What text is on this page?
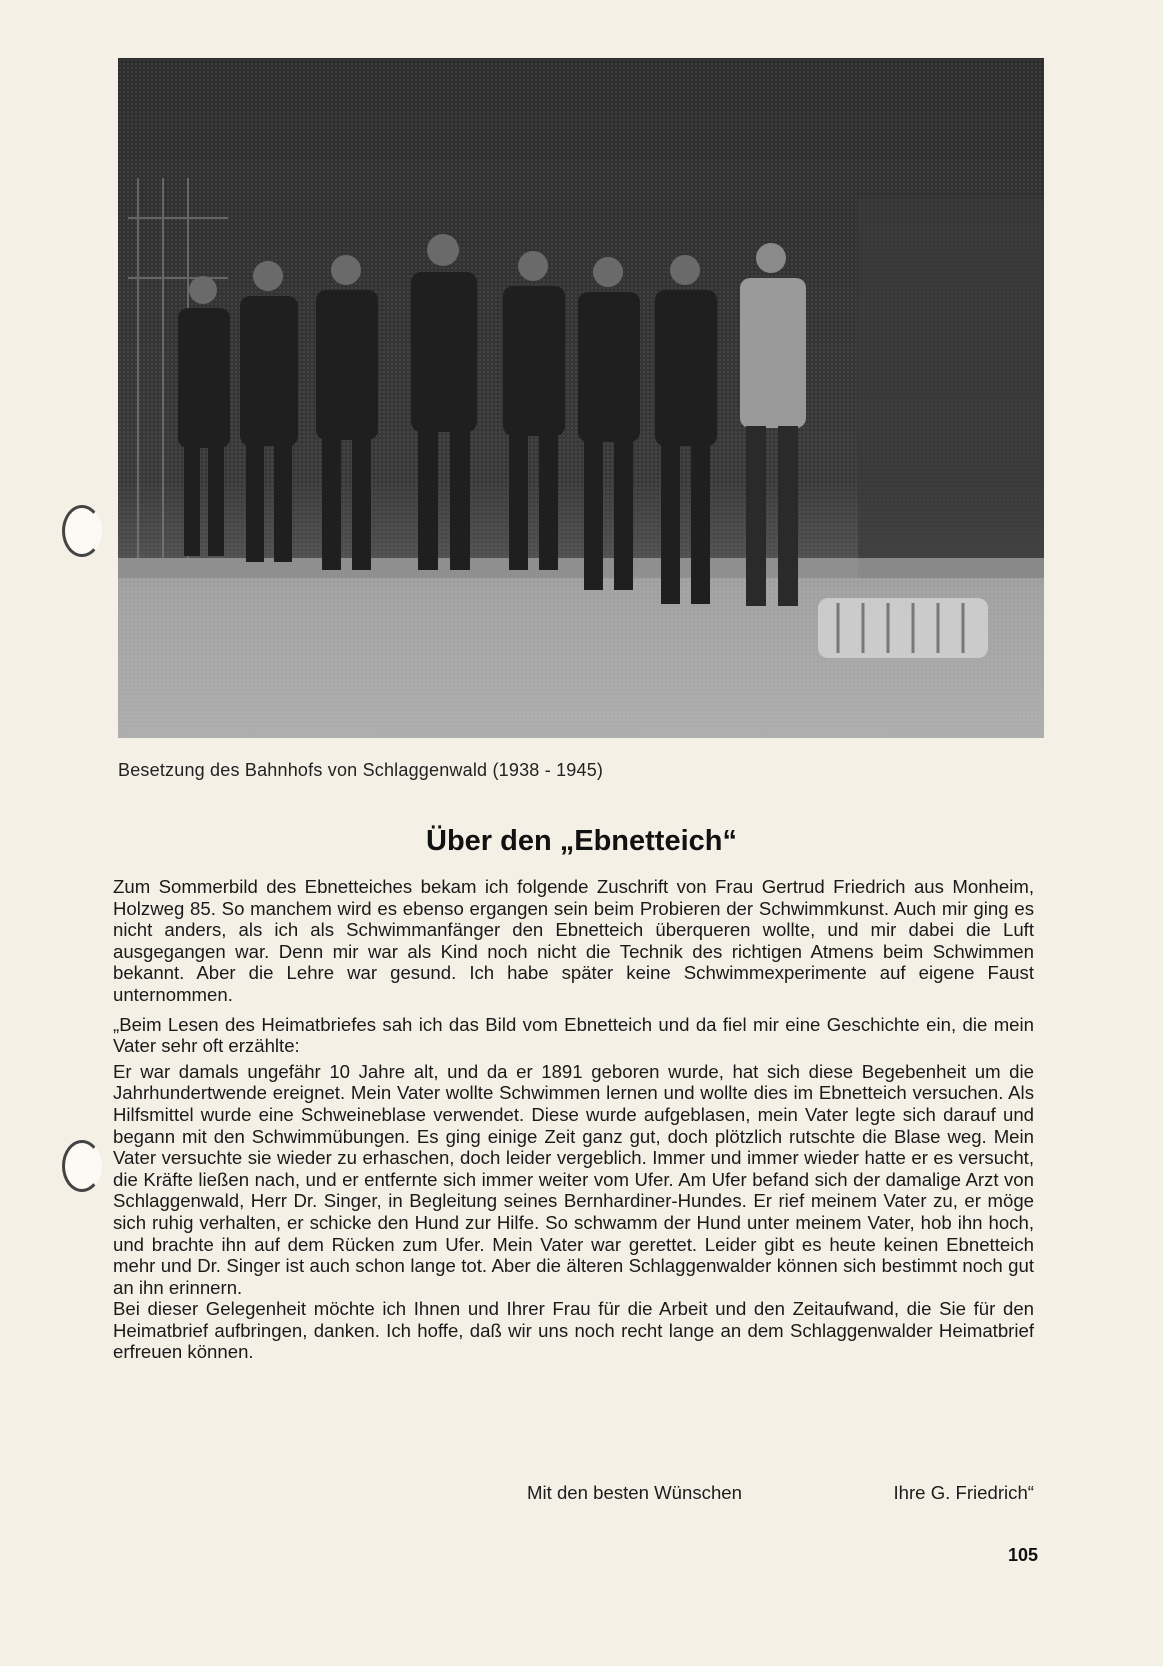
Besetzung des Bahnhofs von Schlaggenwald (1938 - 1945)
Über den „Ebnetteich“

Zum Sommerbild des Ebnetteiches bekam ich folgende Zuschrift von Frau Gertrud Friedrich aus Monheim, Holzweg 85. So manchem wird es ebenso ergangen sein beim Probieren der Schwimmkunst. Auch mir ging es nicht anders, als ich als Schwimmanfänger den Ebnetteich überqueren wollte, und mir dabei die Luft ausgegangen war. Denn mir war als Kind noch nicht die Technik des richtigen Atmens beim Schwimmen bekannt. Aber die Lehre war gesund. Ich habe später keine Schwimmexperimente auf eigene Faust unternommen.

„Beim Lesen des Heimatbriefes sah ich das Bild vom Ebnetteich und da fiel mir eine Geschichte ein, die mein Vater sehr oft erzählte:

Er war damals ungefähr 10 Jahre alt, und da er 1891 geboren wurde, hat sich diese Begebenheit um die Jahrhundertwende ereignet. Mein Vater wollte Schwimmen lernen und wollte dies im Ebnetteich versuchen. Als Hilfsmittel wurde eine Schweineblase verwendet. Diese wurde aufgeblasen, mein Vater legte sich darauf und begann mit den Schwimmübungen. Es ging einige Zeit ganz gut, doch plötzlich rutschte die Blase weg. Mein Vater versuchte sie wieder zu erhaschen, doch leider vergeblich. Immer und immer wieder hatte er es versucht, die Kräfte ließen nach, und er entfernte sich immer weiter vom Ufer. Am Ufer befand sich der damalige Arzt von Schlaggenwald, Herr Dr. Singer, in Begleitung seines Bernhardiner-Hundes. Er rief meinem Vater zu, er möge sich ruhig verhalten, er schicke den Hund zur Hilfe. So schwamm der Hund unter meinem Vater, hob ihn hoch, und brachte ihn auf dem Rücken zum Ufer. Mein Vater war gerettet. Leider gibt es heute keinen Ebnetteich mehr und Dr. Singer ist auch schon lange tot. Aber die älteren Schlaggenwalder können sich bestimmt noch gut an ihn erinnern.

Bei dieser Gelegenheit möchte ich Ihnen und Ihrer Frau für die Arbeit und den Zeitaufwand, die Sie für den Heimatbrief aufbringen, danken. Ich hoffe, daß wir uns noch recht lange an dem Schlaggenwalder Heimatbrief erfreuen können.

Mit den besten Wünschen	Ihre G. Friedrich“
105
